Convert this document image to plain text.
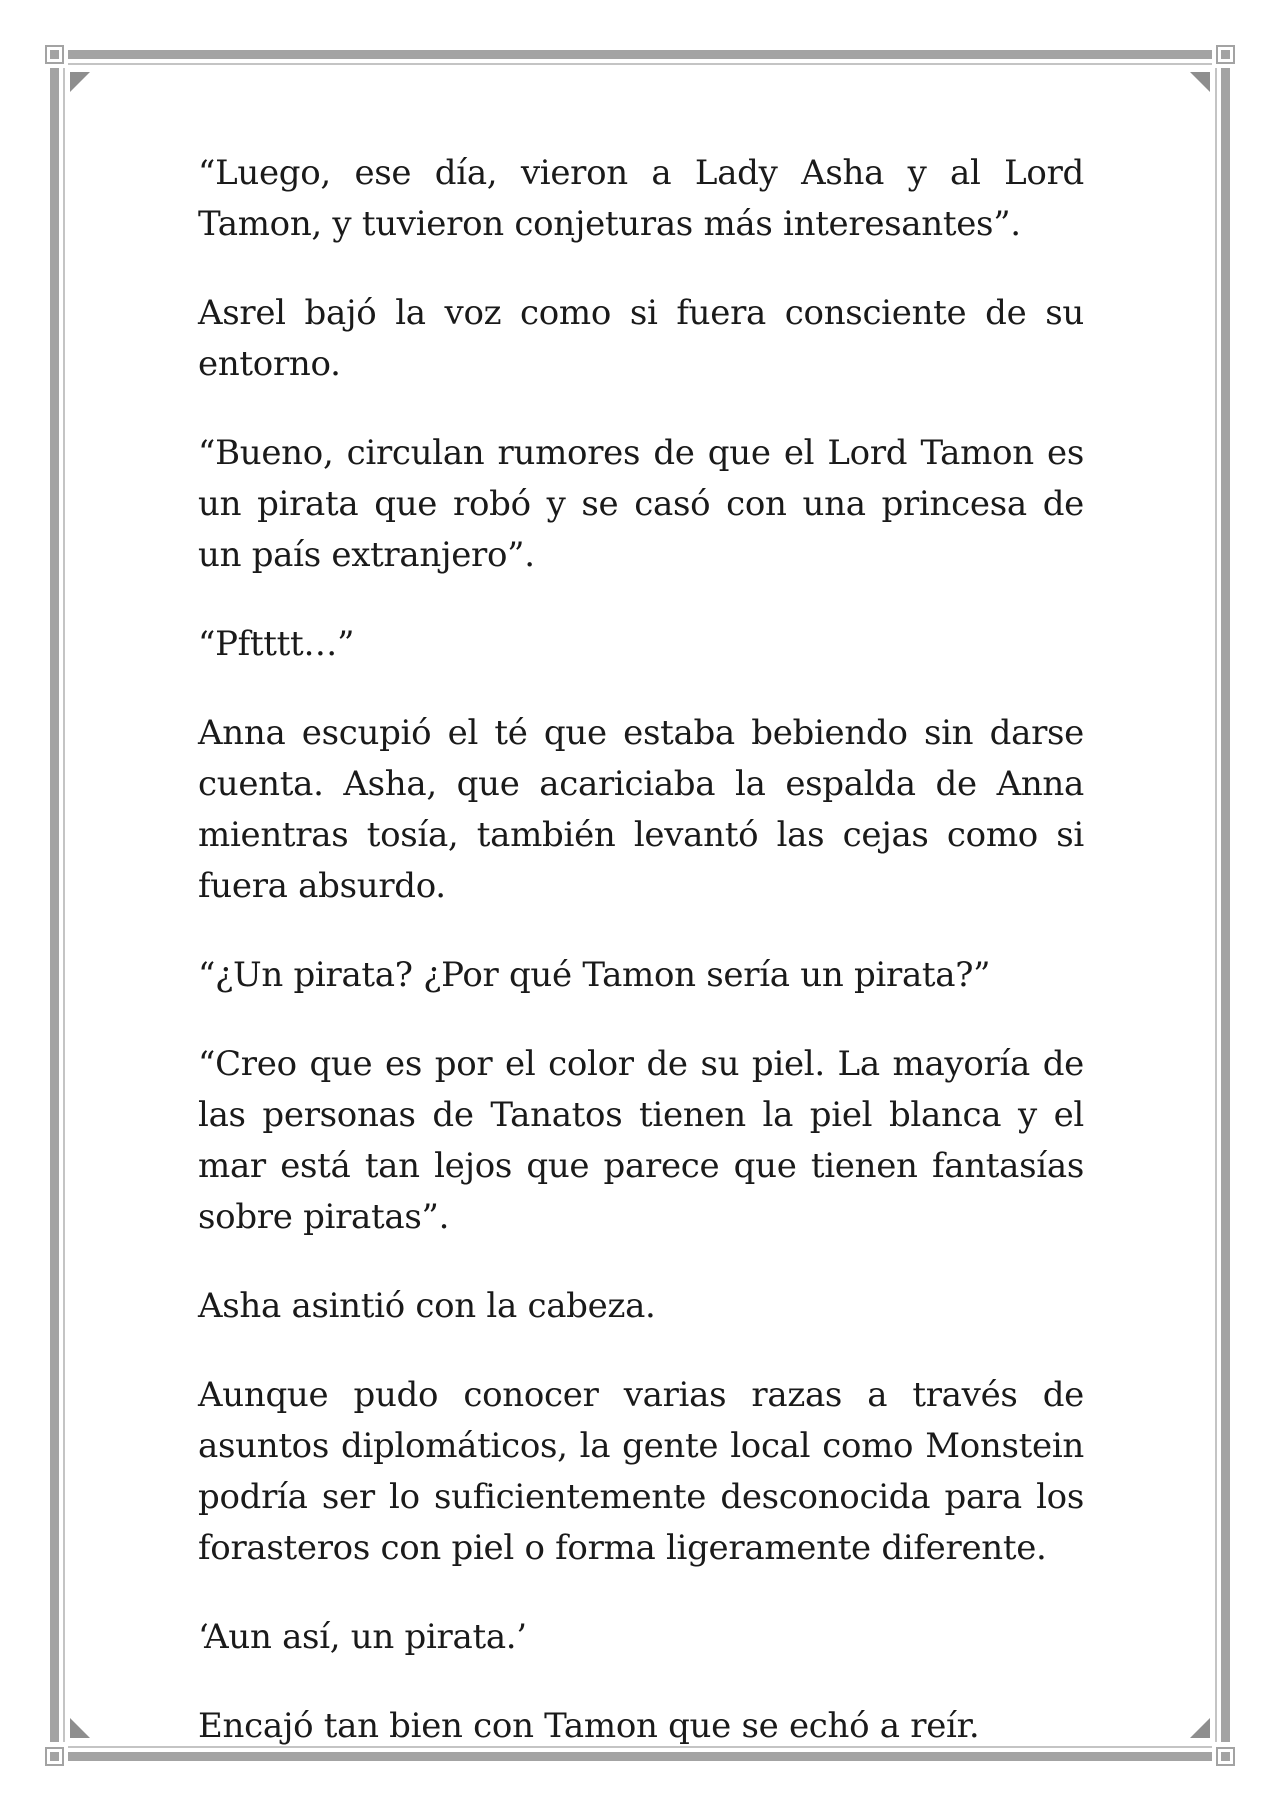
“Luego, ese día, vieron a Lady Asha y al Lord Tamon, y tuvieron conjeturas más interesantes”.

Asrel bajó la voz como si fuera consciente de su entorno.

“Bueno, circulan rumores de que el Lord Tamon es un pirata que robó y se casó con una princesa de un país extranjero”.

“Pftttt…”

Anna escupió el té que estaba bebiendo sin darse cuenta. Asha, que acariciaba la espalda de Anna mientras tosía, también levantó las cejas como si fuera absurdo.

“¿Un pirata? ¿Por qué Tamon sería un pirata?”

“Creo que es por el color de su piel. La mayoría de las personas de Tanatos tienen la piel blanca y el mar está tan lejos que parece que tienen fantasías sobre piratas”.

Asha asintió con la cabeza.

Aunque pudo conocer varias razas a través de asuntos diplomáticos, la gente local como Monstein podría ser lo suficientemente desconocida para los forasteros con piel o forma ligeramente diferente.

‘Aun así, un pirata.’

Encajó tan bien con Tamon que se echó a reír.
